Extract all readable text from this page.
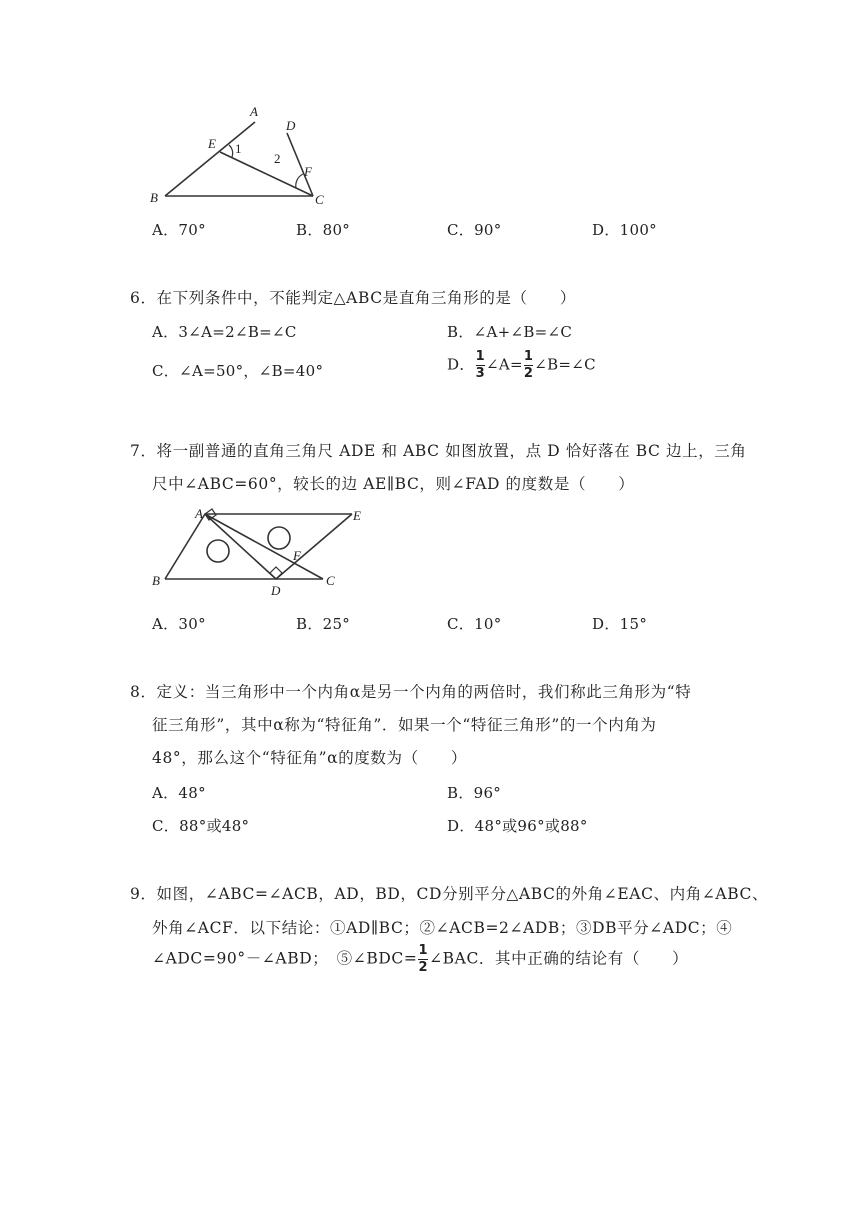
A
D
E 1
2
F
B	C
A．70°	B．80°	C．90°	D．100°
6．在下列条件中，不能判定△ABC是直角三角形的是（　　）
A．3∠A=2∠B=∠C	B．∠A+∠B=∠C
C．∠A=50°，∠B=40°	D．$\frac{1}{3}\angle A=\frac{1}{2}\angle B=\angle C$
7．将一副普通的直角三角尺 ADE 和 ABC 如图放置，点 D 恰好落在 BC 边上，三角
尺中∠ABC=60°，较长的边 AE∥BC，则∠FAD 的度数是（　　）
A	E
F
B
D
C
A．30°	B．25°	C．10°	D．15°
8．定义：当三角形中一个内角α是另一个内角的两倍时，我们称此三角形为“特
征三角形”，其中α称为“特征角”．如果一个“特征三角形”的一个内角为
48°，那么这个“特征角”α的度数为（　　）
A．48°	B．96°
C．88°或48°	D．48°或96°或88°
9．如图，∠ABC=∠ACB，AD，BD，CD分别平分△ABC的外角∠EAC、内角∠ABC、
外角∠ACF．以下结论：①AD∥BC；②∠ACB=2∠ADB；③DB平分∠ADC；④
∠ADC=90°－∠ABD；　$⑤\angle BDC=\frac{1}{2}\angle BAC$．其中正确的结论有（　　）
